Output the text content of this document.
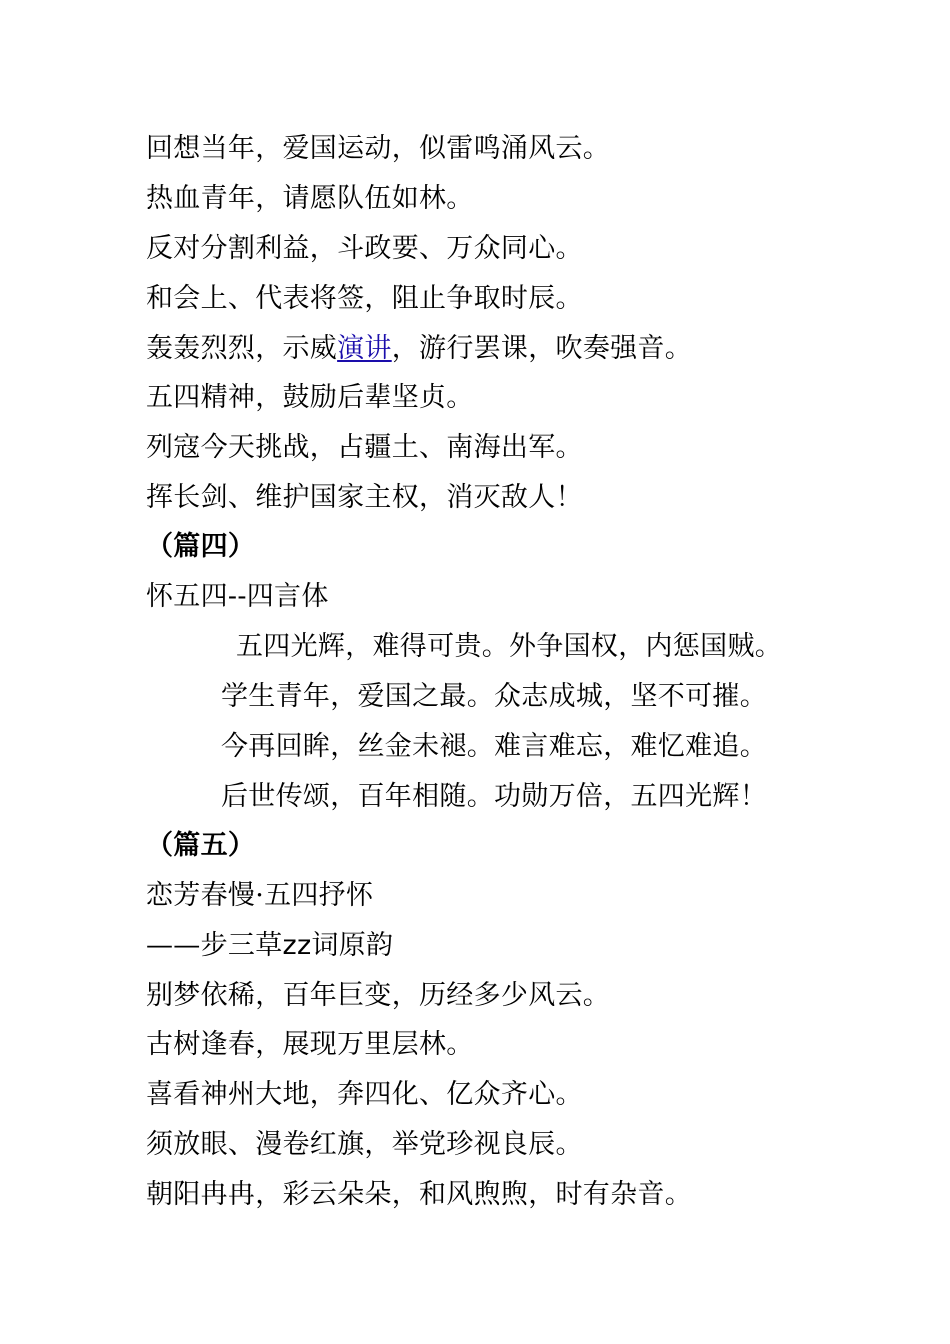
回想当年，爱国运动，似雷鸣涌风云。
热血青年，请愿队伍如林。
反对分割利益，斗政要、万众同心。
和会上、代表将签，阻止争取时辰。
轰轰烈烈，示威演讲，游行罢课，吹奏强音。
五四精神，鼓励后辈坚贞。
列寇今天挑战，占疆土、南海出军。
挥长剑、维护国家主权，消灭敌人！
（篇四）
怀五四--四言体
五四光辉，难得可贵。外争国权，内惩国贼。
学生青年，爱国之最。众志成城，坚不可摧。
今再回眸，丝金未褪。难言难忘，难忆难追。
后世传颂，百年相随。功勋万倍，五四光辉！
（篇五）
恋芳春慢·五四抒怀
——步三草zz词原韵
别梦依稀，百年巨变，历经多少风云。
古树逢春，展现万里层林。
喜看神州大地，奔四化、亿众齐心。
须放眼、漫卷红旗，举党珍视良辰。
朝阳冉冉，彩云朵朵，和风煦煦，时有杂音。
